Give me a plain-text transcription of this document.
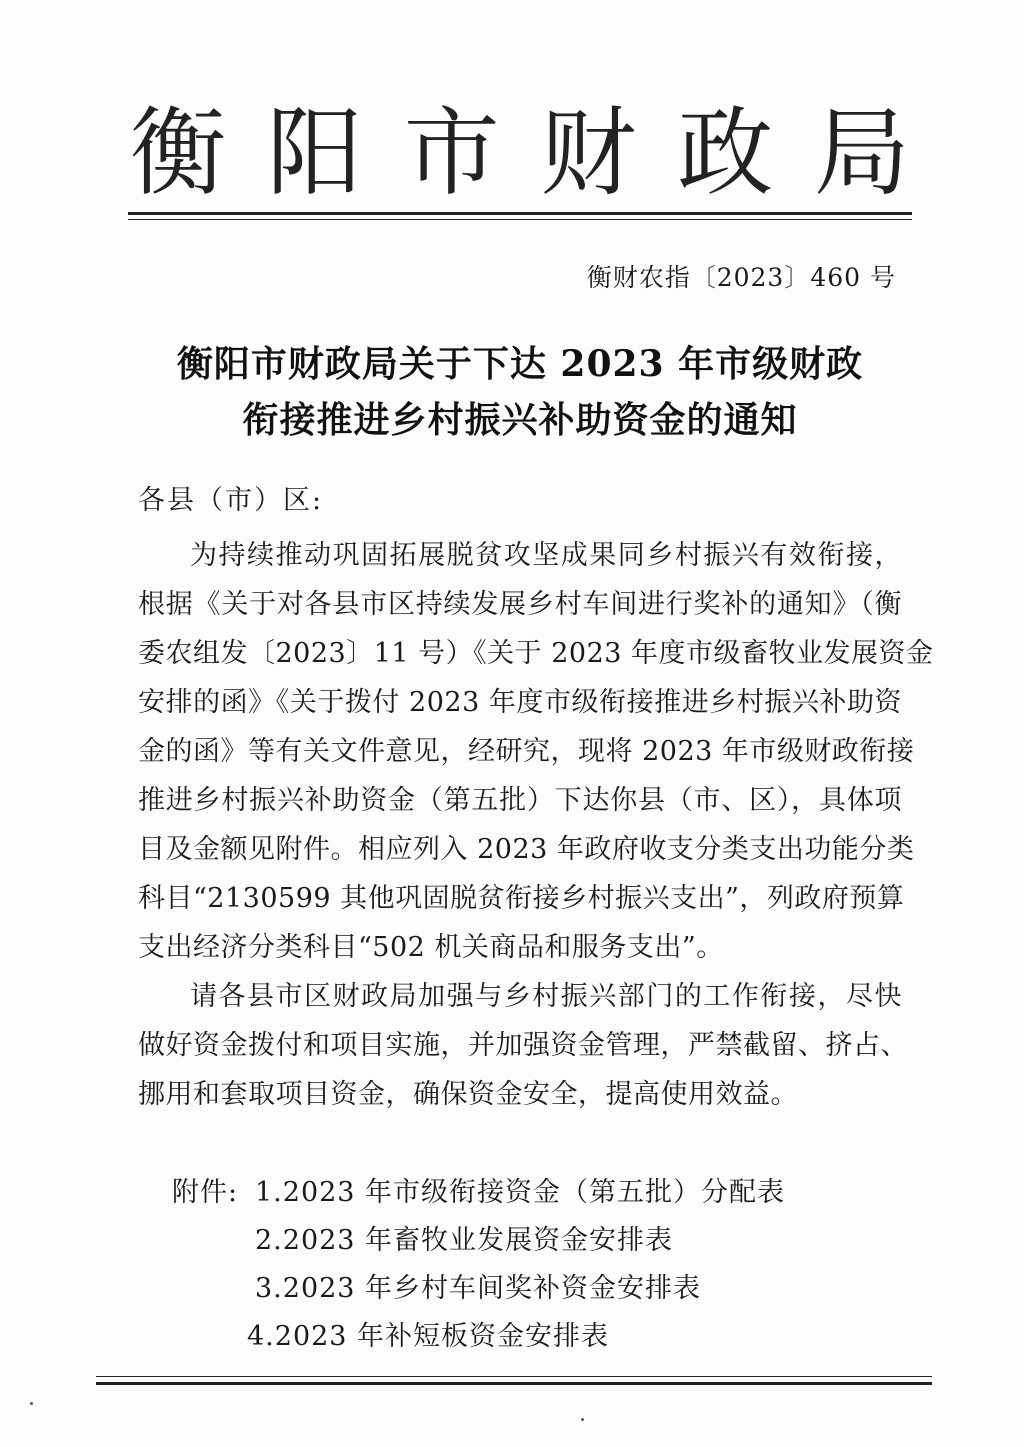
衡 阳 市 财 政 局
衡财农指〔2023〕460 号
衡阳市财政局关于下达 2023 年市级财政
衔接推进乡村振兴补助资金的通知
各县（市）区:
为持续推动巩固拓展脱贫攻坚成果同乡村振兴有效衔接，
根据《关于对各县市区持续发展乡村车间进行奖补的通知》（衡
委农组发〔2023〕11 号）《关于 2023 年度市级畜牧业发展资金
安排的函》《关于拨付 2023 年度市级衔接推进乡村振兴补助资
金的函》等有关文件意见，经研究，现将 2023 年市级财政衔接
推进乡村振兴补助资金（第五批）下达你县（市、区），具体项
目及金额见附件。相应列入 2023 年政府收支分类支出功能分类
科目“2130599 其他巩固脱贫衔接乡村振兴支出”，列政府预算
支出经济分类科目“502 机关商品和服务支出”。
请各县市区财政局加强与乡村振兴部门的工作衔接，尽快
做好资金拨付和项目实施，并加强资金管理，严禁截留、挤占、
挪用和套取项目资金，确保资金安全，提高使用效益。
附件: 1.2023 年市级衔接资金（第五批）分配表
2.2023 年畜牧业发展资金安排表
3.2023 年乡村车间奖补资金安排表
4.2023 年补短板资金安排表
